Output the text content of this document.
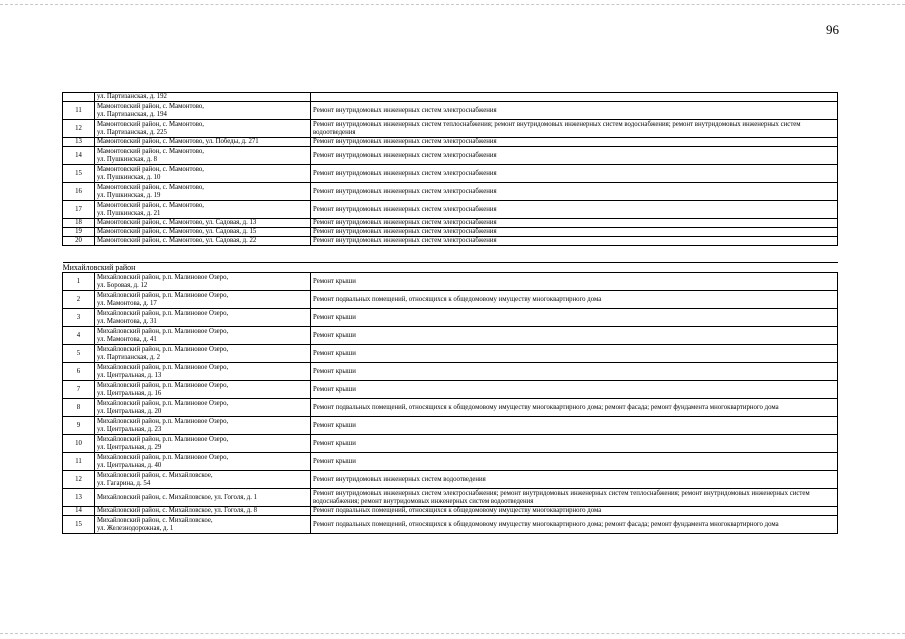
96
	ул. Партизанская, д. 192	
11	Мамонтовский район, с. Мамонтово,
ул. Партизанская, д. 194	Ремонт внутридомовых инженерных систем электроснабжения
12	Мамонтовский район, с. Мамонтово,
ул. Партизанская, д. 225	Ремонт внутридомовых инженерных систем теплоснабжения; ремонт внутридомовых инженерных систем водоснабжения; ремонт внутридомовых инженерных систем водоотведения
13	Мамонтовский район, с. Мамонтово, ул. Победы, д. 271	Ремонт внутридомовых инженерных систем электроснабжения
14	Мамонтовский район, с. Мамонтово,
ул. Пушкинская, д. 8	Ремонт внутридомовых инженерных систем электроснабжения
15	Мамонтовский район, с. Мамонтово,
ул. Пушкинская, д. 10	Ремонт внутридомовых инженерных систем электроснабжения
16	Мамонтовский район, с. Мамонтово,
ул. Пушкинская, д. 19	Ремонт внутридомовых инженерных систем электроснабжения
17	Мамонтовский район, с. Мамонтово,
ул. Пушкинская, д. 21	Ремонт внутридомовых инженерных систем электроснабжения
18	Мамонтовский район, с. Мамонтово, ул. Садовая, д. 13	Ремонт внутридомовых инженерных систем электроснабжения
19	Мамонтовский район, с. Мамонтово, ул. Садовая, д. 15	Ремонт внутридомовых инженерных систем электроснабжения
20	Мамонтовский район, с. Мамонтово, ул. Садовая, д. 22	Ремонт внутридомовых инженерных систем электроснабжения

Михайловский район		
1	Михайловский район, р.п. Малиновое Озеро,
ул. Боровая, д. 12	Ремонт крыши
2	Михайловский район, р.п. Малиновое Озеро,
ул. Мамонтова, д. 17	Ремонт подвальных помещений, относящихся к общедомовому имуществу многоквартирного дома
3	Михайловский район, р.п. Малиновое Озеро,
ул. Мамонтова, д. 31	Ремонт крыши
4	Михайловский район, р.п. Малиновое Озеро,
ул. Мамонтова, д. 41	Ремонт крыши
5	Михайловский район, р.п. Малиновое Озеро,
ул. Партизанская, д. 2	Ремонт крыши
6	Михайловский район, р.п. Малиновое Озеро,
ул. Центральная, д. 13	Ремонт крыши
7	Михайловский район, р.п. Малиновое Озеро,
ул. Центральная, д. 16	Ремонт крыши
8	Михайловский район, р.п. Малиновое Озеро,
ул. Центральная, д. 20	Ремонт подвальных помещений, относящихся к общедомовому имуществу многоквартирного дома; ремонт фасада; ремонт фундамента многоквартирного дома
9	Михайловский район, р.п. Малиновое Озеро,
ул. Центральная, д. 23	Ремонт крыши
10	Михайловский район, р.п. Малиновое Озеро,
ул. Центральная, д. 29	Ремонт крыши
11	Михайловский район, р.п. Малиновое Озеро,
ул. Центральная, д. 40	Ремонт крыши
12	Михайловский район, с. Михайловское,
ул. Гагарина, д. 54	Ремонт внутридомовых инженерных систем водоотведения
13	Михайловский район, с. Михайловское, ул. Гоголя, д. 1	Ремонт внутридомовых инженерных систем электроснабжения; ремонт внутридомовых инженерных систем теплоснабжения; ремонт внутридомовых инженерных систем водоснабжения; ремонт внутридомовых инженерных систем водоотведения
14	Михайловский район, с. Михайловское, ул. Гоголя, д. 8	Ремонт подвальных помещений, относящихся к общедомовому имуществу многоквартирного дома
15	Михайловский район, с. Михайловское,
ул. Железнодорожная, д. 1	Ремонт подвальных помещений, относящихся к общедомовому имуществу многоквартирного дома; ремонт фасада; ремонт фундамента многоквартирного дома
